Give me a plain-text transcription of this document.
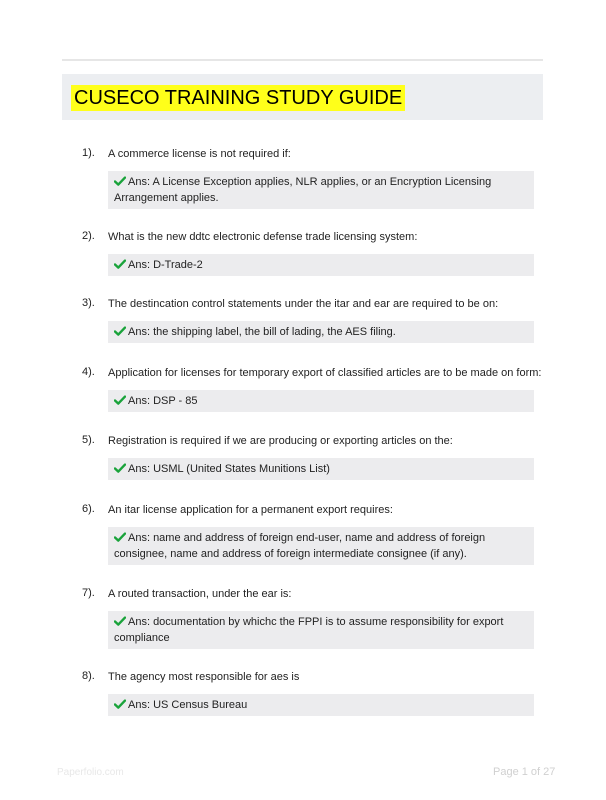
CUSECO TRAINING STUDY GUIDE
1). A commerce license is not required if:
Ans: A License Exception applies, NLR applies, or an Encryption Licensing Arrangement applies.
2). What is the new ddtc electronic defense trade licensing system:
Ans: D-Trade-2
3). The destincation control statements under the itar and ear are required to be on:
Ans: the shipping label, the bill of lading, the AES filing.
4). Application for licenses for temporary export of classified articles are to be made on form:
Ans: DSP - 85
5). Registration is required if we are producing or exporting articles on the:
Ans: USML (United States Munitions List)
6). An itar license application for a permanent export requires:
Ans: name and address of foreign end-user, name and address of foreign consignee, name and address of foreign intermediate consignee (if any).
7). A routed transaction, under the ear is:
Ans: documentation by whichc the FPPI is to assume responsibility for export compliance
8). The agency most responsible for aes is
Ans: US Census Bureau
Paperfolio.com	Page 1 of 27
